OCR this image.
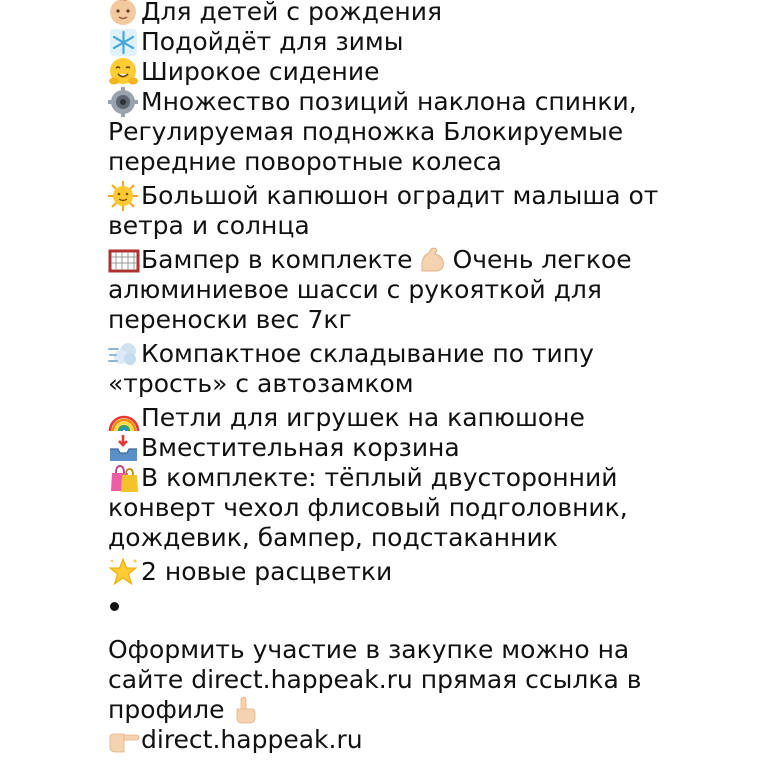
Для детей с рождения
Подойдёт для зимы
Широкое сидение
Множество позиций наклона спинки,
Регулируемая подножка Блокируемые
передние поворотные колеса
Большой капюшон оградит малыша от
ветра и солнца
Бампер в комплекте Очень легкое
алюминиевое шасси с рукояткой для
переноски вес 7кг
Компактное складывание по типу
«трость» с автозамком
Петли для игрушек на капюшоне
Вместительная корзина
В комплекте: тёплый двусторонний
конверт чехол флисовый подголовник,
дождевик, бампер, подстаканник
2 новые расцветки
Оформить участие в закупке можно на
сайте direct.happeak.ru прямая ссылка в
профиле
direct.happeak.ru
